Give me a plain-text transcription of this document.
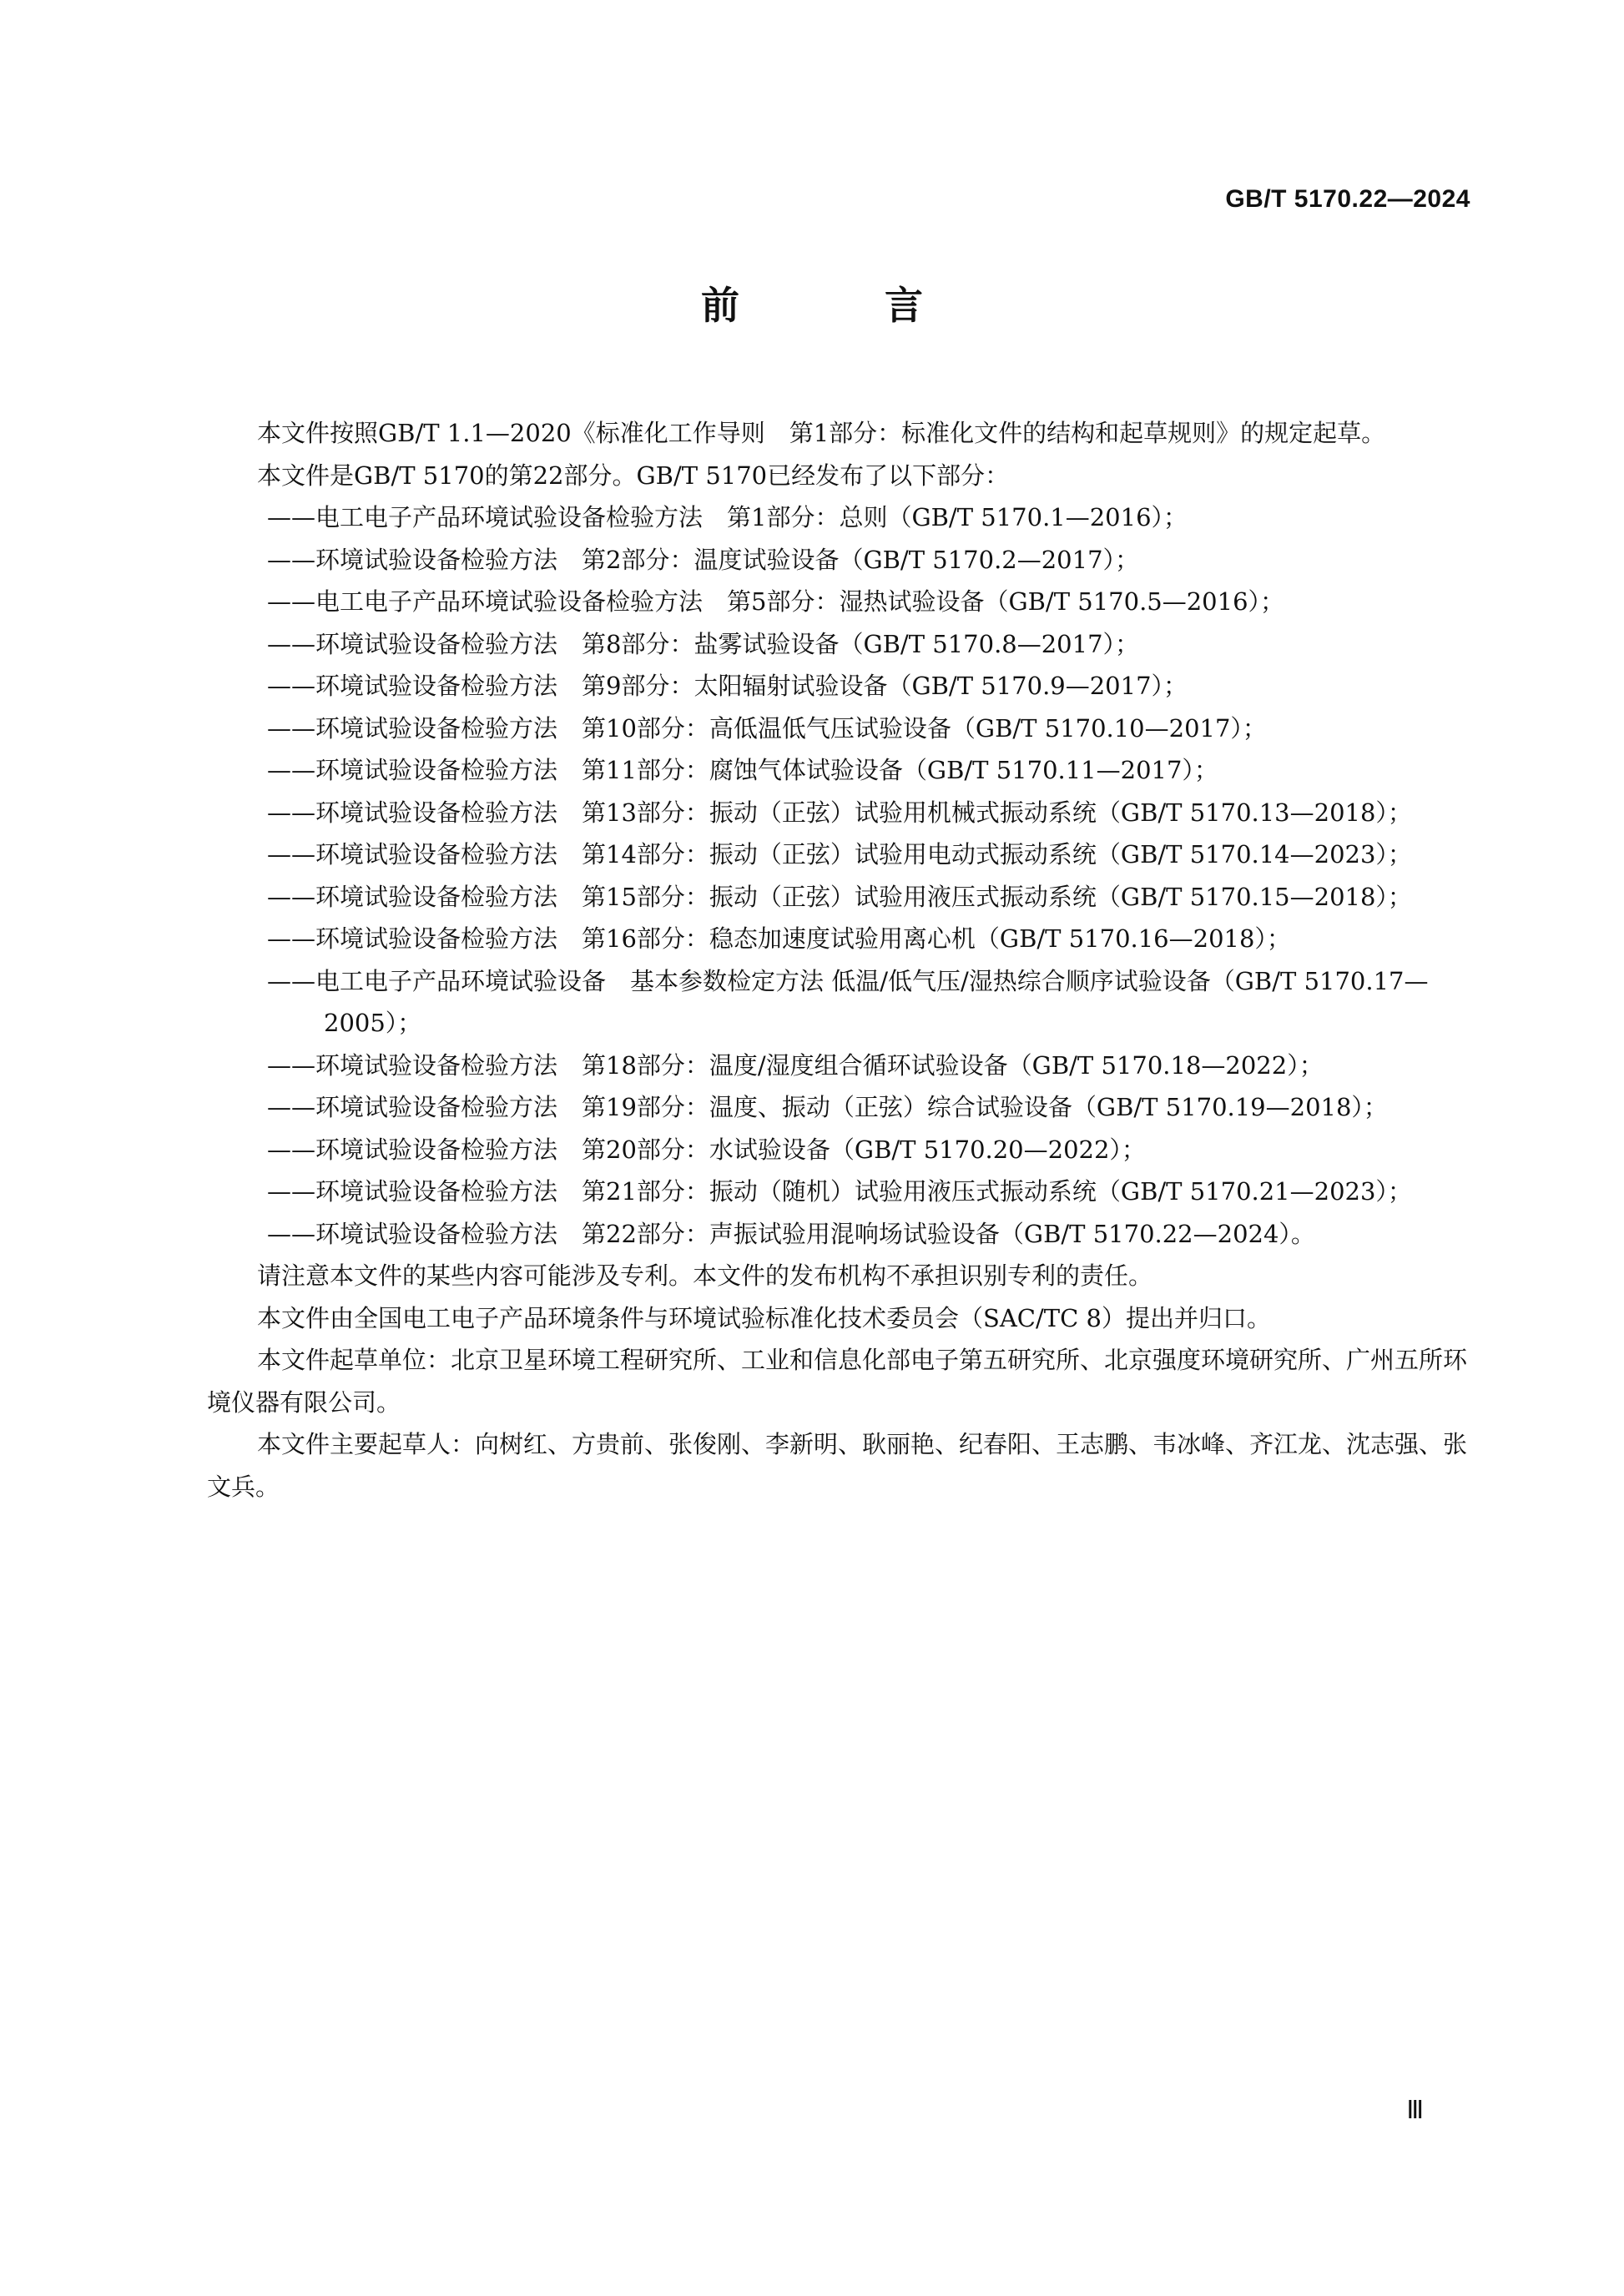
GB/T 5170.22—2024
前　言

本文件按照GB/T 1.1—2020《标准化工作导则　第1部分：标准化文件的结构和起草规则》的规定起草。

本文件是GB/T 5170的第22部分。GB/T 5170已经发布了以下部分：

——电工电子产品环境试验设备检验方法　第1部分：总则（GB/T 5170.1—2016）；
——环境试验设备检验方法　第2部分：温度试验设备（GB/T 5170.2—2017）；
——电工电子产品环境试验设备检验方法　第5部分：湿热试验设备（GB/T 5170.5—2016）；
——环境试验设备检验方法　第8部分：盐雾试验设备（GB/T 5170.8—2017）；
——环境试验设备检验方法　第9部分：太阳辐射试验设备（GB/T 5170.9—2017）；
——环境试验设备检验方法　第10部分：高低温低气压试验设备（GB/T 5170.10—2017）；
——环境试验设备检验方法　第11部分：腐蚀气体试验设备（GB/T 5170.11—2017）；
——环境试验设备检验方法　第13部分：振动（正弦）试验用机械式振动系统（GB/T 5170.13—2018）；
——环境试验设备检验方法　第14部分：振动（正弦）试验用电动式振动系统（GB/T 5170.14—2023）；
——环境试验设备检验方法　第15部分：振动（正弦）试验用液压式振动系统（GB/T 5170.15—2018）；
——环境试验设备检验方法　第16部分：稳态加速度试验用离心机（GB/T 5170.16—2018）；
——电工电子产品环境试验设备　基本参数检定方法 低温/低气压/湿热综合顺序试验设备（GB/T 5170.17—2005）；
——环境试验设备检验方法　第18部分：温度/湿度组合循环试验设备（GB/T 5170.18—2022）；
——环境试验设备检验方法　第19部分：温度、振动（正弦）综合试验设备（GB/T 5170.19—2018）；
——环境试验设备检验方法　第20部分：水试验设备（GB/T 5170.20—2022）；
——环境试验设备检验方法　第21部分：振动（随机）试验用液压式振动系统（GB/T 5170.21—2023）；
——环境试验设备检验方法　第22部分：声振试验用混响场试验设备（GB/T 5170.22—2024）。

请注意本文件的某些内容可能涉及专利。本文件的发布机构不承担识别专利的责任。

本文件由全国电工电子产品环境条件与环境试验标准化技术委员会（SAC/TC 8）提出并归口。

本文件起草单位：北京卫星环境工程研究所、工业和信息化部电子第五研究所、北京强度环境研究所、广州五所环境仪器有限公司。

本文件主要起草人：向树红、方贵前、张俊刚、李新明、耿丽艳、纪春阳、王志鹏、韦冰峰、齐江龙、沈志强、张文兵。

Ⅲ
